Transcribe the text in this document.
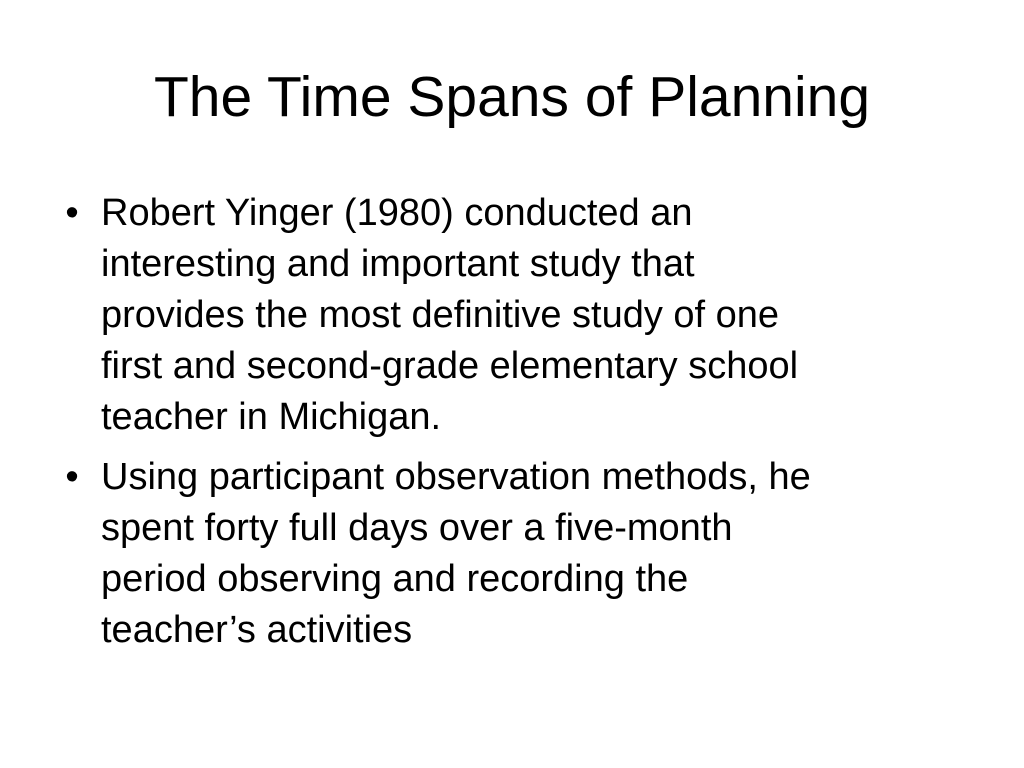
The Time Spans of Planning
• Robert Yinger (1980) conducted an
interesting and important study that
provides the most definitive study of one
first and second-grade elementary school
teacher in Michigan.
• Using participant observation methods, he
spent forty full days over a five-month
period observing and recording the
teacher’s activities
